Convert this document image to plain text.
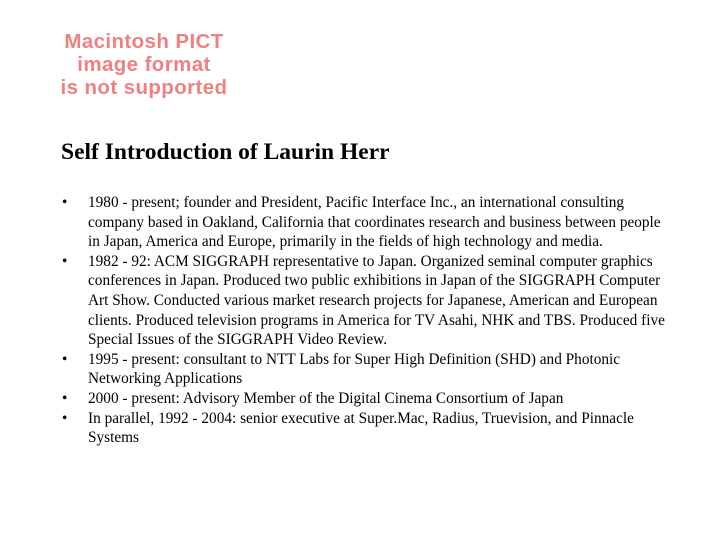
Macintosh PICT
image format
is not supported
Self Introduction of Laurin Herr
•	1980 - present; founder and President, Pacific Interface Inc., an international consulting company based in Oakland, California that coordinates research and business between people in Japan, America and Europe, primarily in the fields of high technology and media.
•	1982 - 92: ACM SIGGRAPH representative to Japan. Organized seminal computer graphics conferences in Japan. Produced two public exhibitions in Japan of the SIGGRAPH Computer Art Show. Conducted various market research projects for Japanese, American and European clients. Produced television programs in America for TV Asahi, NHK and TBS. Produced five Special Issues of the SIGGRAPH Video Review.
•	1995 - present: consultant to NTT Labs for Super High Definition (SHD) and Photonic Networking Applications
•	2000 - present: Advisory Member of the Digital Cinema Consortium of Japan
•	In parallel, 1992 - 2004: senior executive at Super.Mac, Radius, Truevision, and Pinnacle Systems
